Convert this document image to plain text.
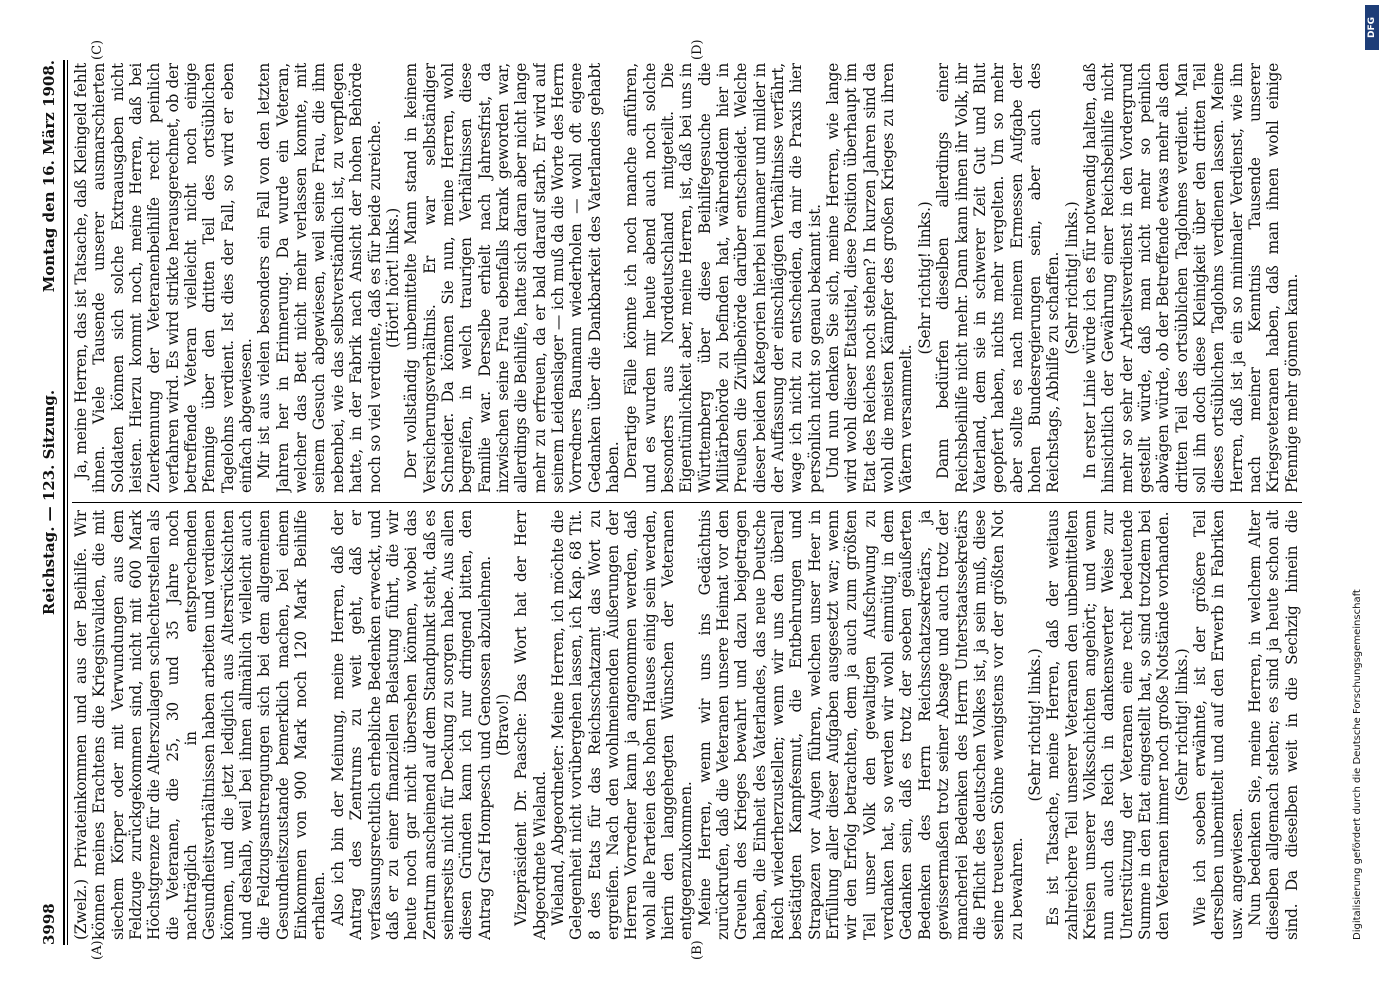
3998
Reichstag. — 123. Sitzung.
Montag den 16. März 1908.
(A)	(B)
(C)	(D)

(Zwelz.) Privateinkommen und aus der Beihilfe. Wir können meines Erachtens die Kriegsinvaliden, die mit siechem Körper oder mit Verwundungen aus dem Feldzuge zurückgekommen sind, nicht mit 600 Mark Höchstgrenze für die Alterszulagen schlechterstellen als die Veteranen, die 25, 30 und 35 Jahre noch nachträglich in entsprechenden Gesundheitsverhältnissen haben arbeiten und verdienen können, und die jetzt lediglich aus Altersrücksichten und deshalb, weil bei ihnen allmählich vielleicht auch die Feldzugsanstrengungen sich bei dem allgemeinen Gesundheitszustande bemerklich machen, bei einem Einkommen von 900 Mark noch 120 Mark Beihilfe erhalten. Also ich bin der Meinung, meine Herren, daß der Antrag des Zentrums zu weit geht, daß er verfassungsrechtlich erhebliche Bedenken erweckt, und daß er zu einer finanziellen Belastung führt, die wir heute noch gar nicht übersehen können, wobei das Zentrum anscheinend auf dem Standpunkt steht, daß es seinerseits nicht für Deckung zu sorgen habe. Aus allen diesen Gründen kann ich nur dringend bitten, den Antrag Graf Hompesch und Genossen abzulehnen. (Bravo!) Vizepräsident Dr. Paasche: Das Wort hat der Herr Abgeordnete Wieland. Wieland, Abgeordneter: Meine Herren, ich möchte die Gelegenheit nicht vorübergehen lassen, ich Kap. 68 Tit. 8 des Etats für das Reichsschatzamt das Wort zu ergreifen. Nach den wohlmeinenden Äußerungen der Herren Vorredner kann ja angenommen werden, daß wohl alle Parteien des hohen Hauses einig sein werden, hierin den langgehegten Wünschen der Veteranen entgegenzukommen. Meine Herren, wenn wir uns ins Gedächtnis zurückrufen, daß die Veteranen unsere Heimat vor den Greueln des Krieges bewahrt und dazu beigetragen haben, die Einheit des Vaterlandes, das neue Deutsche Reich wiederherzustellen; wenn wir uns den überall bestätigten Kampfesmut, die Entbehrungen und Strapazen vor Augen führen, welchen unser Heer in Erfüllung aller dieser Aufgaben ausgesetzt war; wenn wir den Erfolg betrachten, dem ja auch zum größten Teil unser Volk den gewaltigen Aufschwung zu verdanken hat, so werden wir wohl einmütig in dem Gedanken sein, daß es trotz der soeben geäußerten Bedenken des Herrn Reichsschatzsekretärs, ja gewissermaßen trotz seiner Absage und auch trotz der mancherlei Bedenken des Herrn Unterstaatssekretärs die Pflicht des deutschen Volkes ist, ja sein muß, diese seine treuesten Söhne wenigstens vor der größten Not zu bewahren.

(Sehr richtig! links.) Es ist Tatsache, meine Herren, daß der weitaus zahlreichere Teil unserer Veteranen den unbemittelten Kreisen unserer Volksschichten angehört; und wenn nun auch das Reich in dankenswerter Weise zur Unterstützung der Veteranen eine recht bedeutende Summe in den Etat eingestellt hat, so sind trotzdem bei den Veteranen immer noch große Notstände vorhanden. (Sehr richtig! links.) Wie ich soeben erwähnte, ist der größere Teil derselben unbemittelt und auf den Erwerb in Fabriken usw. angewiesen. Nun bedenken Sie, meine Herren, in welchem Alter dieselben allgemach stehen; es sind ja heute schon alt sind. Da dieselben weit in die Sechzig hinein die

Ja, meine Herren, das ist Tatsache, daß Kleingeld fehlt ihnen. Viele Tausende unserer ausmarschierten Soldaten können sich solche Extraausgaben nicht leisten. Hierzu kommt noch, meine Herren, daß bei Zuerkennung der Veteranenbeihilfe recht peinlich verfahren wird. Es wird strikte herausgerechnet, ob der betreffende Veteran vielleicht nicht noch einige Pfennige über den dritten Teil des ortsüblichen Tagelohns verdient. Ist dies der Fall, so wird er eben einfach abgewiesen. Mir ist aus vielen besonders ein Fall von den letzten Jahren her in Erinnerung. Da wurde ein Veteran, welcher das Bett nicht mehr verlassen konnte, mit seinem Gesuch abgewiesen, weil seine Frau, die ihm nebenbei, wie das selbstverständlich ist, zu verpflegen hatte, in der Fabrik nach Ansicht der hohen Behörde noch so viel verdiente, daß es für beide zureiche. (Hört! hört! links.) Der vollständig unbemittelte Mann stand in keinem Versicherungsverhältnis. Er war selbständiger Schneider. Da können Sie nun, meine Herren, wohl begreifen, in welch traurigen Verhältnissen diese Familie war. Derselbe erhielt nach Jahresfrist, da inzwischen seine Frau ebenfalls krank geworden war, allerdings die Beihilfe, hatte sich daran aber nicht lange mehr zu erfreuen, da er bald darauf starb. Er wird auf seinem Leidenslager — ich muß da die Worte des Herrn Vorredners Baumann wiederholen — wohl oft eigene Gedanken über die Dankbarkeit des Vaterlandes gehabt haben. Derartige Fälle könnte ich noch manche anführen, und es wurden mir heute abend auch noch solche besonders aus Norddeutschland mitgeteilt. Die Eigentümlichkeit aber, meine Herren, ist, daß bei uns in Württemberg über diese Beihilfegesuche die Militärbehörde zu befinden hat, währenddem hier in Preußen die Zivilbehörde darüber entscheidet. Welche dieser beiden Kategorien hierbei humaner und milder in der Auffassung der einschlägigen Verhältnisse verfährt, wage ich nicht zu entscheiden, da mir die Praxis hier persönlich nicht so genau bekannt ist. Und nun denken Sie sich, meine Herren, wie lange wird wohl dieser Etatstitel, diese Position überhaupt im Etat des Reiches noch stehen? In kurzen Jahren sind da wohl die meisten Kämpfer des großen Krieges zu ihren Vätern versammelt.

(Sehr richtig! links.) Dann bedürfen dieselben allerdings einer Reichsbeihilfe nicht mehr. Dann kann ihnen ihr Volk, ihr Vaterland, dem sie in schwerer Zeit Gut und Blut geopfert haben, nichts mehr vergelten. Um so mehr aber sollte es nach meinem Ermessen Aufgabe der hohen Bundesregierungen sein, aber auch des Reichstags, Abhilfe zu schaffen. (Sehr richtig! links.) In erster Linie würde ich es für notwendig halten, daß hinsichtlich der Gewährung einer Reichsbeihilfe nicht mehr so sehr der Arbeitsverdienst in den Vordergrund gestellt würde, daß man nicht mehr so peinlich abwägen würde, ob der Betreffende etwas mehr als den dritten Teil des ortsüblichen Taglohnes verdient. Man soll ihn doch diese Kleinigkeit über den dritten Teil dieses ortsüblichen Taglohns verdienen lassen. Meine Herren, daß ist ja ein so minimaler Verdienst, wie ihn nach meiner Kenntnis Tausende unserer Kriegsveteranen haben, daß man ihnen wohl einige Pfennige mehr gönnen kann.

Digitalisierung gefördert durch die Deutsche Forschungsgemeinschaft
DFG
